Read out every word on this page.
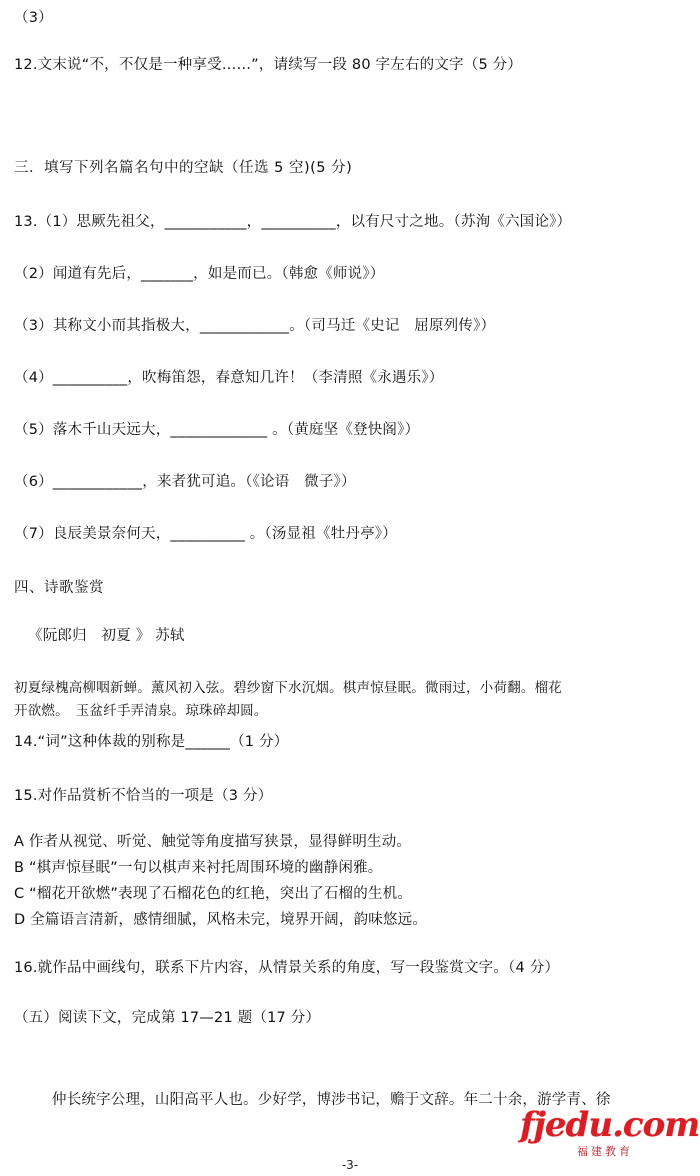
（3）
12.文末说“不，不仅是一种享受……”，请续写一段 80 字左右的文字（5 分）
三．填写下列名篇名句中的空缺（任选 5 空)(5 分)
13.（1）思厥先祖父，___________，__________，以有尺寸之地。（苏洵《六国论》）
（2）闻道有先后，_______，如是而已。（韩愈《师说》）
（3）其称文小而其指极大，____________。（司马迁《史记　屈原列传》）
（4）__________，吹梅笛怨，春意知几许！（李清照《永遇乐》）
（5）落木千山天远大，_____________ 。（黄庭坚《登快阁》）
（6）____________，来者犹可追。（《论语　微子》）
（7）良辰美景奈何天，__________ 。（汤显祖《牡丹亭》）
四、诗歌鉴赏
《阮郎归　初夏 》 苏轼
初夏绿槐高柳咽新蝉。薰风初入弦。碧纱窗下水沉烟。棋声惊昼眠。微雨过，小荷翻。榴花
开欲燃。　玉盆纤手弄清泉。琼珠碎却圆。
14.“词”这种体裁的别称是______（1 分）
15.对作品赏析不恰当的一项是（3 分）
A 作者从视觉、听觉、触觉等角度描写狭景，显得鲜明生动。
B “棋声惊昼眠”一句以棋声来衬托周围环境的幽静闲雅。
C “榴花开欲燃”表现了石榴花色的红艳，突出了石榴的生机。
D 全篇语言清新，感情细腻，风格未完，境界开阔，韵味悠远。
16.就作品中画线句，联系下片内容，从情景关系的角度，写一段鉴赏文字。（4 分）
（五）阅读下文，完成第 17—21 题（17 分）
仲长统字公理，山阳高平人也。少好学，博涉书记，赡于文辞。年二十余，游学青、徐
fjedu.com
福建教育
-3-
